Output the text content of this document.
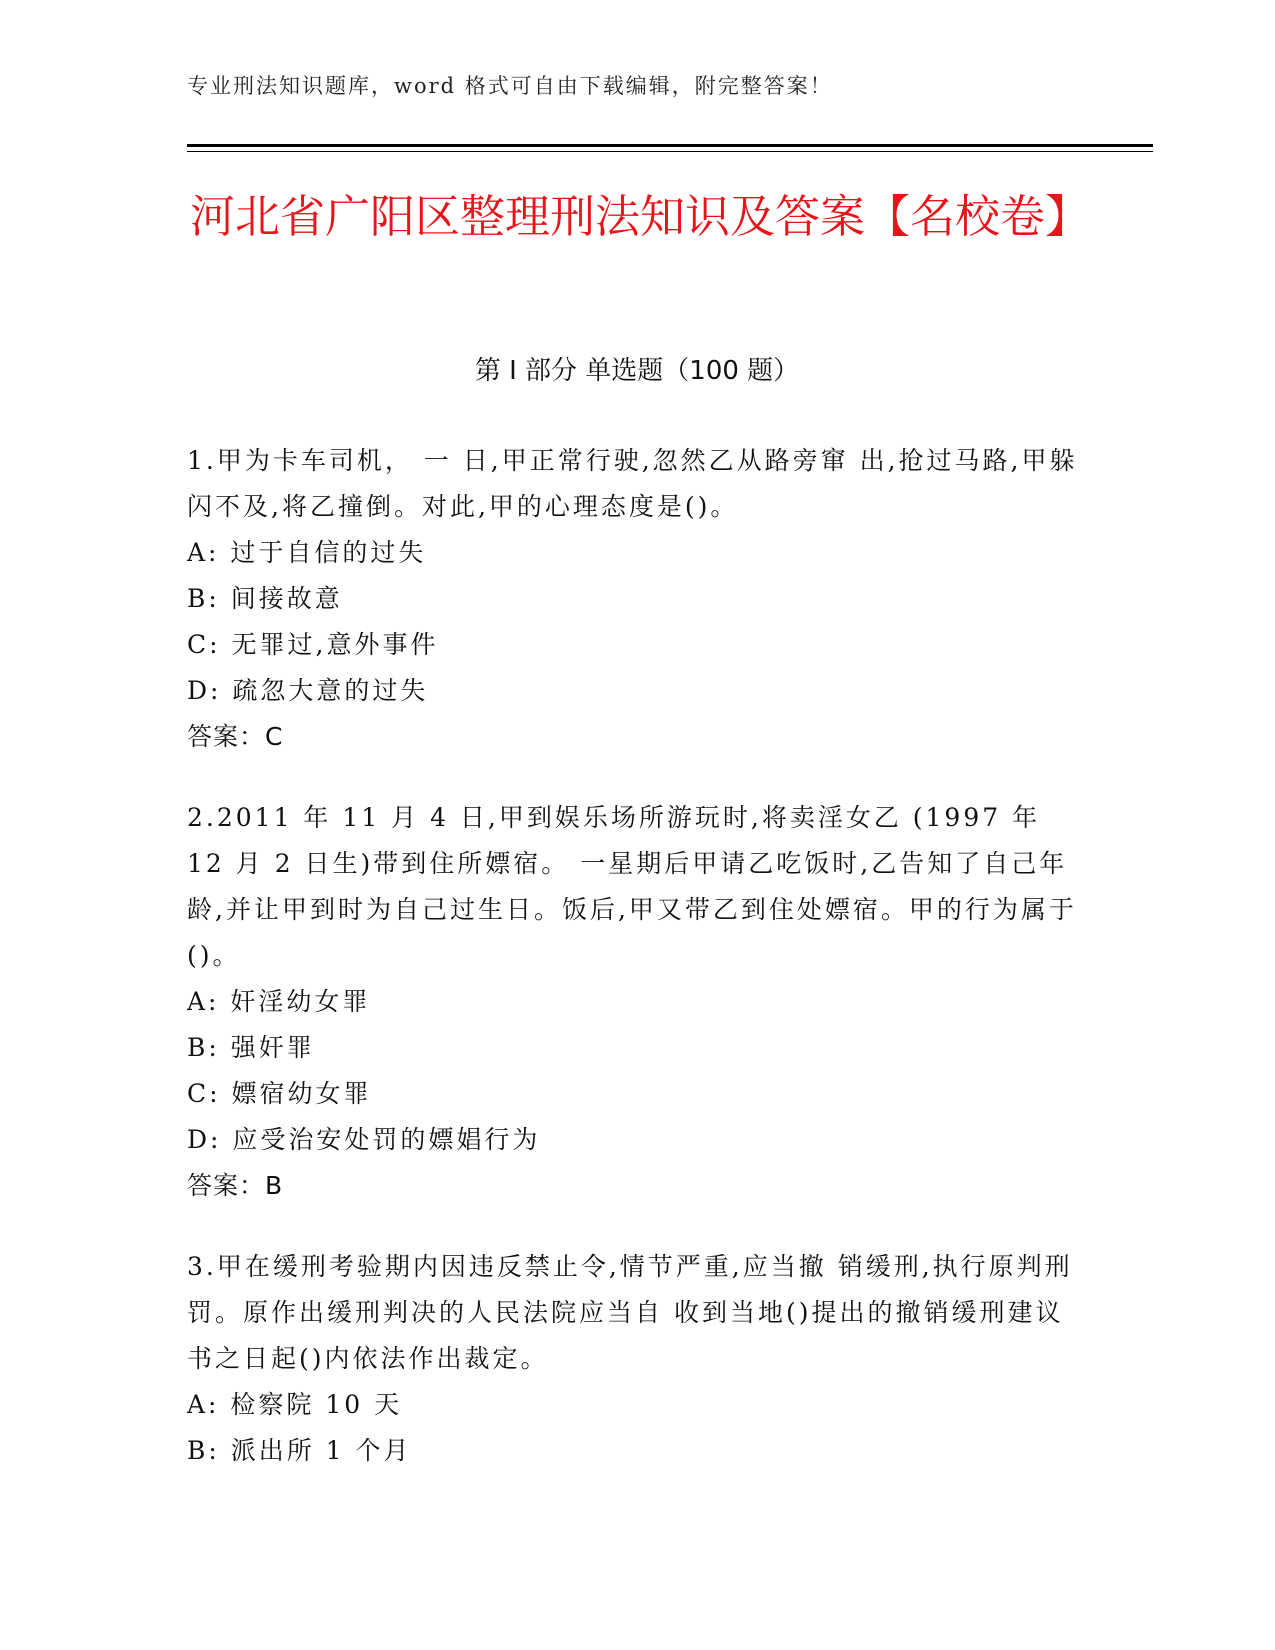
专业刑法知识题库，word 格式可自由下载编辑，附完整答案！
河北省广阳区整理刑法知识及答案【名校卷】
第 I 部分 单选题（100 题）

1.甲为卡车司机， 一 日,甲正常行驶,忽然乙从路旁窜 出,抢过马路,甲躲闪不及,将乙撞倒。对此,甲的心理态度是()。

A: 过于自信的过失
B: 间接故意
C: 无罪过,意外事件
D: 疏忽大意的过失
答案：C

2.2011 年 11 月 4 日,甲到娱乐场所游玩时,将卖淫女乙 (1997 年 12 月 2 日生)带到住所嫖宿。 一星期后甲请乙吃饭时,乙告知了自己年龄,并让甲到时为自己过生日。饭后,甲又带乙到住处嫖宿。甲的行为属于()。

A: 奸淫幼女罪
B: 强奸罪
C: 嫖宿幼女罪
D: 应受治安处罚的嫖娼行为
答案：B

3.甲在缓刑考验期内因违反禁止令,情节严重,应当撤 销缓刑,执行原判刑罚。原作出缓刑判决的人民法院应当自 收到当地()提出的撤销缓刑建议书之日起()内依法作出裁定。

A: 检察院 10 天
B: 派出所 1 个月
